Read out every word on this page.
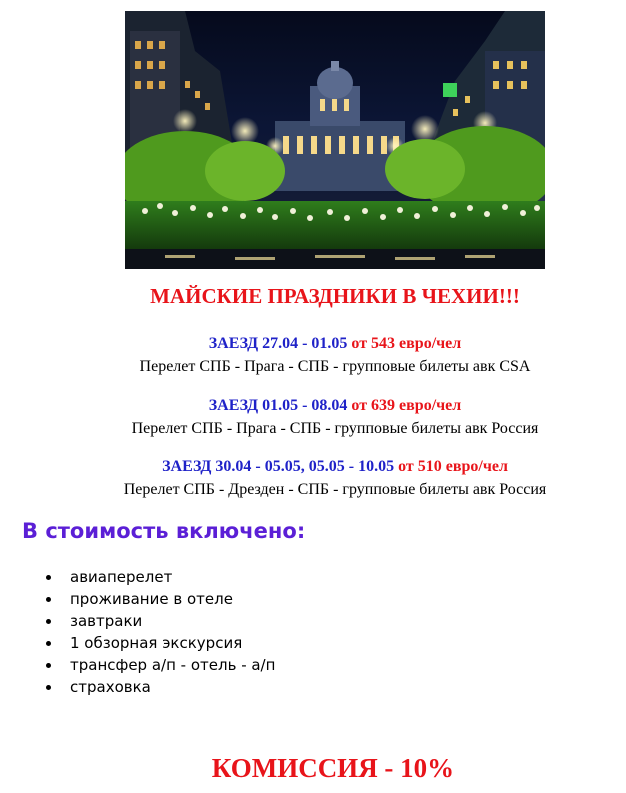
МАЙСКИЕ ПРАЗДНИКИ В ЧЕХИИ!!!
ЗАЕЗД 27.04 - 01.05 от 543 евро/чел
Перелет СПБ - Прага - СПБ - групповые билеты авк CSA
ЗАЕЗД 01.05 - 08.04 от 639 евро/чел
Перелет СПБ - Прага - СПБ - групповые билеты авк Россия
ЗАЕЗД 30.04 - 05.05, 05.05 - 10.05 от 510 евро/чел
Перелет СПБ - Дрезден - СПБ - групповые билеты авк Россия
В стоимость включено:
авиаперелет
проживание в отеле
завтраки
1 обзорная экскурсия
трансфер а/п - отель - а/п
страховка
КОМИССИЯ - 10%
